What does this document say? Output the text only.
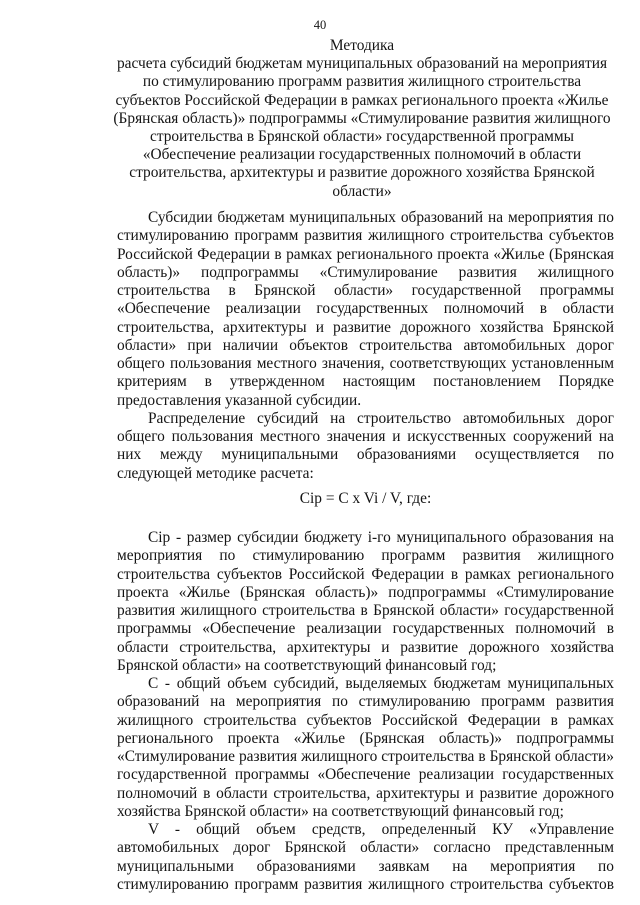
40
Методика
расчета субсидий бюджетам муниципальных образований на мероприятия по стимулированию программ развития жилищного строительства субъектов Российской Федерации в рамках регионального проекта «Жилье (Брянская область)» подпрограммы «Стимулирование развития жилищного строительства в Брянской области» государственной программы «Обеспечение реализации государственных полномочий в области строительства, архитектуры и развитие дорожного хозяйства Брянской области»

Субсидии бюджетам муниципальных образований на мероприятия по стимулированию программ развития жилищного строительства субъектов Российской Федерации в рамках регионального проекта «Жилье (Брянская область)» подпрограммы «Стимулирование развития жилищного строительства в Брянской области» государственной программы «Обеспечение реализации государственных полномочий в области строительства, архитектуры и развитие дорожного хозяйства Брянской области» при наличии объектов строительства автомобильных дорог общего пользования местного значения, соответствующих установленным критериям в утвержденном настоящим постановлением Порядке предоставления указанной субсидии.

Распределение субсидий на строительство автомобильных дорог общего пользования местного значения и искусственных сооружений на них между муниципальными образованиями осуществляется по следующей методике расчета:

Сip = С x Vi / V, где:

Сip - размер субсидии бюджету i-го муниципального образования на мероприятия по стимулированию программ развития жилищного строительства субъектов Российской Федерации в рамках регионального проекта «Жилье (Брянская область)» подпрограммы «Стимулирование развития жилищного строительства в Брянской области» государственной программы «Обеспечение реализации государственных полномочий в области строительства, архитектуры и развитие дорожного хозяйства Брянской области» на соответствующий финансовый год;

С - общий объем субсидий, выделяемых бюджетам муниципальных образований на мероприятия по стимулированию программ развития жилищного строительства субъектов Российской Федерации в рамках регионального проекта «Жилье (Брянская область)» подпрограммы «Стимулирование развития жилищного строительства в Брянской области» государственной программы «Обеспечение реализации государственных полномочий в области строительства, архитектуры и развитие дорожного хозяйства Брянской области» на соответствующий финансовый год;

V - общий объем средств, определенный КУ «Управление автомобильных дорог Брянской области» согласно представленным муниципальными образованиями заявкам на мероприятия по стимулированию программ развития жилищного строительства субъектов
